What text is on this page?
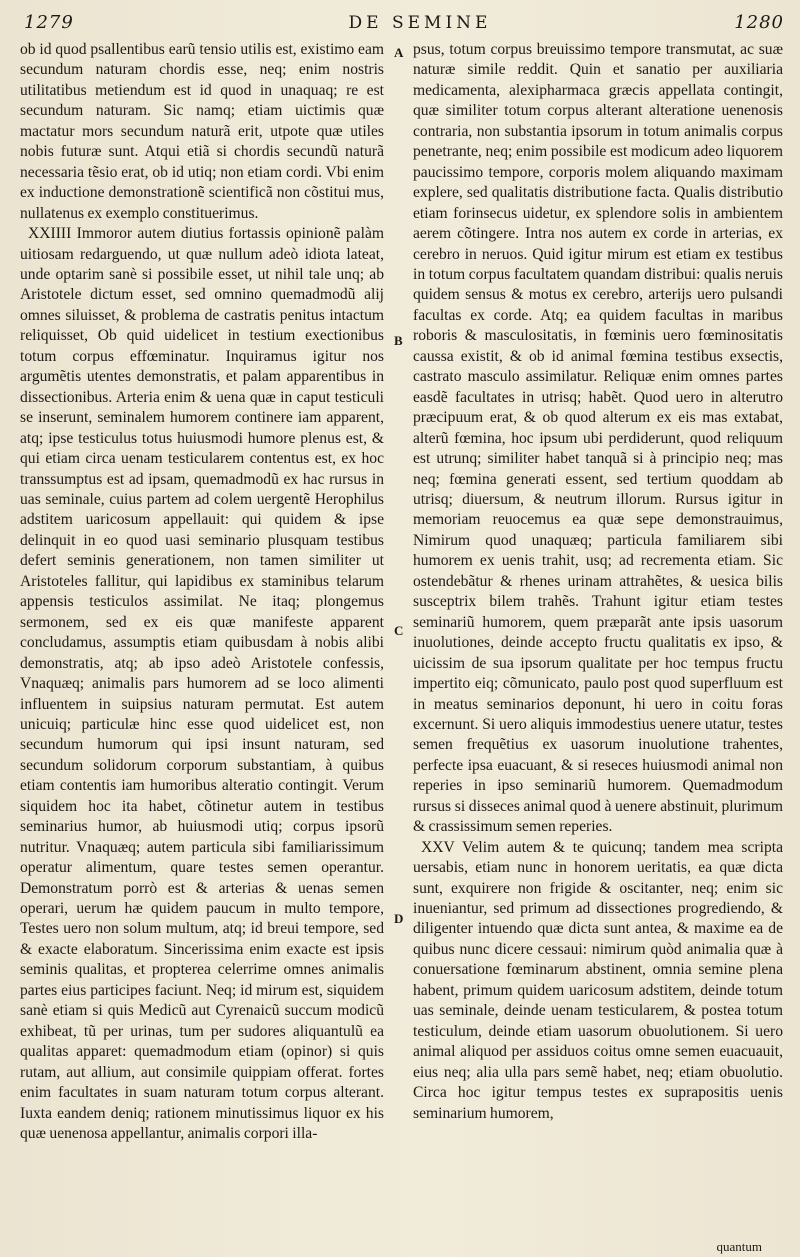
1279	DE SEMINE	1280
A
B
C
D

ob id quod psallentibus earũ tensio utilis est, existimo eam secundum naturam chordis esse, neq; enim nostris utilitatibus metiendum est id quod in unaquaq; re est secundum naturam. Sic namq; etiam uictimis quæ mactatur mors secundum naturã erit, utpote quæ utiles nobis futuræ sunt. Atqui etiã si chordis secundũ naturã necessaria tẽsio erat, ob id utiq; non etiam cordi. Vbi enim ex inductione demonstrationẽ scientificã non cõstitui mus, nullatenus ex exemplo constituerimus.

XXIIII Immoror autem diutius fortassis opinionẽ palàm uitiosam redarguendo, ut quæ nullum adeò idiota lateat, unde optarim sanè si possibile esset, ut nihil tale unq; ab Aristotele dictum esset, sed omnino quemadmodũ alij omnes siluisset, & problema de castratis penitus intactum reliquisset, Ob quid uidelicet in testium exectionibus totum corpus effœminatur. Inquiramus igitur nos argumẽtis utentes demonstratis, et palam apparentibus in dissectionibus. Arteria enim & uena quæ in caput testiculi se inserunt, seminalem humorem continere iam apparent, atq; ipse testiculus totus huiusmodi humore plenus est, & qui etiam circa uenam testicularem contentus est, ex hoc transsumptus est ad ipsam, quemadmodũ ex hac rursus in uas seminale, cuius partem ad colem uergentẽ Herophilus adstitem uaricosum appellauit: qui quidem & ipse delinquit in eo quod uasi seminario plusquam testibus defert seminis generationem, non tamen similiter ut Aristoteles fallitur, qui lapidibus ex staminibus telarum appensis testiculos assimilat. Ne itaq; plongemus sermonem, sed ex eis quæ manifeste apparent concludamus, assumptis etiam quibusdam à nobis alibi demonstratis, atq; ab ipso adeò Aristotele confessis, Vnaquæq; animalis pars humorem ad se loco alimenti influentem in suipsius naturam permutat. Est autem unicuiq; particulæ hinc esse quod uidelicet est, non secundum humorum qui ipsi insunt naturam, sed secundum solidorum corporum substantiam, à quibus etiam contentis iam humoribus alteratio contingit. Verum siquidem hoc ita habet, cõtinetur autem in testibus seminarius humor, ab huiusmodi utiq; corpus ipsorũ nutritur. Vnaquæq; autem particula sibi familiarissimum operatur alimentum, quare testes semen operantur. Demonstratum porrò est & arterias & uenas semen operari, uerum hæ quidem paucum in multo tempore, Testes uero non solum multum, atq; id breui tempore, sed & exacte elaboratum. Sincerissima enim exacte est ipsis seminis qualitas, et propterea celerrime omnes animalis partes eius participes faciunt. Neq; id mirum est, siquidem sanè etiam si quis Medicũ aut Cyrenaicũ succum modicũ exhibeat, tũ per urinas, tum per sudores aliquantulũ ea qualitas apparet: quemadmodum etiam (opinor) si quis rutam, aut allium, aut consimile quippiam offerat. fortes enim facultates in suam naturam totum corpus alterant. Iuxta eandem deniq; rationem minutissimus liquor ex his quæ uenenosa appellantur, animalis corpori illa-

psus, totum corpus breuissimo tempore transmutat, ac suæ naturæ simile reddit. Quin et sanatio per auxiliaria medicamenta, alexipharmaca græcis appellata contingit, quæ similiter totum corpus alterant alteratione uenenosis contraria, non substantia ipsorum in totum animalis corpus penetrante, neq; enim possibile est modicum adeo liquorem paucissimo tempore, corporis molem aliquando maximam explere, sed qualitatis distributione facta. Qualis distributio etiam forinsecus uidetur, ex splendore solis in ambientem aerem cõtingere. Intra nos autem ex corde in arterias, ex cerebro in neruos. Quid igitur mirum est etiam ex testibus in totum corpus facultatem quandam distribui: qualis neruis quidem sensus & motus ex cerebro, arterijs uero pulsandi facultas ex corde. Atq; ea quidem facultas in maribus roboris & masculositatis, in fœminis uero fœminositatis caussa existit, & ob id animal fœmina testibus exsectis, castrato masculo assimilatur. Reliquæ enim omnes partes easdẽ facultates in utrisq; habẽt. Quod uero in alterutro præcipuum erat, & ob quod alterum ex eis mas extabat, alterũ fœmina, hoc ipsum ubi perdiderunt, quod reliquum est utrunq; similiter habet tanquã si à principio neq; mas neq; fœmina generati essent, sed tertium quoddam ab utrisq; diuersum, & neutrum illorum. Rursus igitur in memoriam reuocemus ea quæ sepe demonstrauimus, Nimirum quod unaquæq; particula familiarem sibi humorem ex uenis trahit, usq; ad recrementa etiam. Sic ostendebãtur & rhenes urinam attrahẽtes, & uesica bilis susceptrix bilem trahẽs. Trahunt igitur etiam testes seminariũ humorem, quem præparãt ante ipsis uasorum inuolutiones, deinde accepto fructu qualitatis ex ipso, & uicissim de sua ipsorum qualitate per hoc tempus fructu impertito eiq; cõmunicato, paulo post quod superfluum est in meatus seminarios deponunt, hi uero in coitu foras excernunt. Si uero aliquis immodestius uenere utatur, testes semen frequẽtius ex uasorum inuolutione trahentes, perfecte ipsa euacuant, & si reseces huiusmodi animal non reperies in ipso seminariũ humorem. Quemadmodum rursus si disseces animal quod à uenere abstinuit, plurimum & crassissimum semen reperies.

XXV Velim autem & te quicunq; tandem mea scripta uersabis, etiam nunc in honorem ueritatis, ea quæ dicta sunt, exquirere non frigide & oscitanter, neq; enim sic inueniantur, sed primum ad dissectiones progrediendo, & diligenter intuendo quæ dicta sunt antea, & maxime ea de quibus nunc dicere cessaui: nimirum quòd animalia quæ à conuersatione fœminarum abstinent, omnia semine plena habent, primum quidem uaricosum adstitem, deinde totum uas seminale, deinde uenam testicularem, & postea totum testiculum, deinde etiam uasorum obuolutionem. Si uero animal aliquod per assiduos coitus omne semen euacuauit, eius neq; alia ulla pars semẽ habet, neq; etiam obuolutio. Circa hoc igitur tempus testes ex suprapositis uenis seminarium humorem,

quantum
